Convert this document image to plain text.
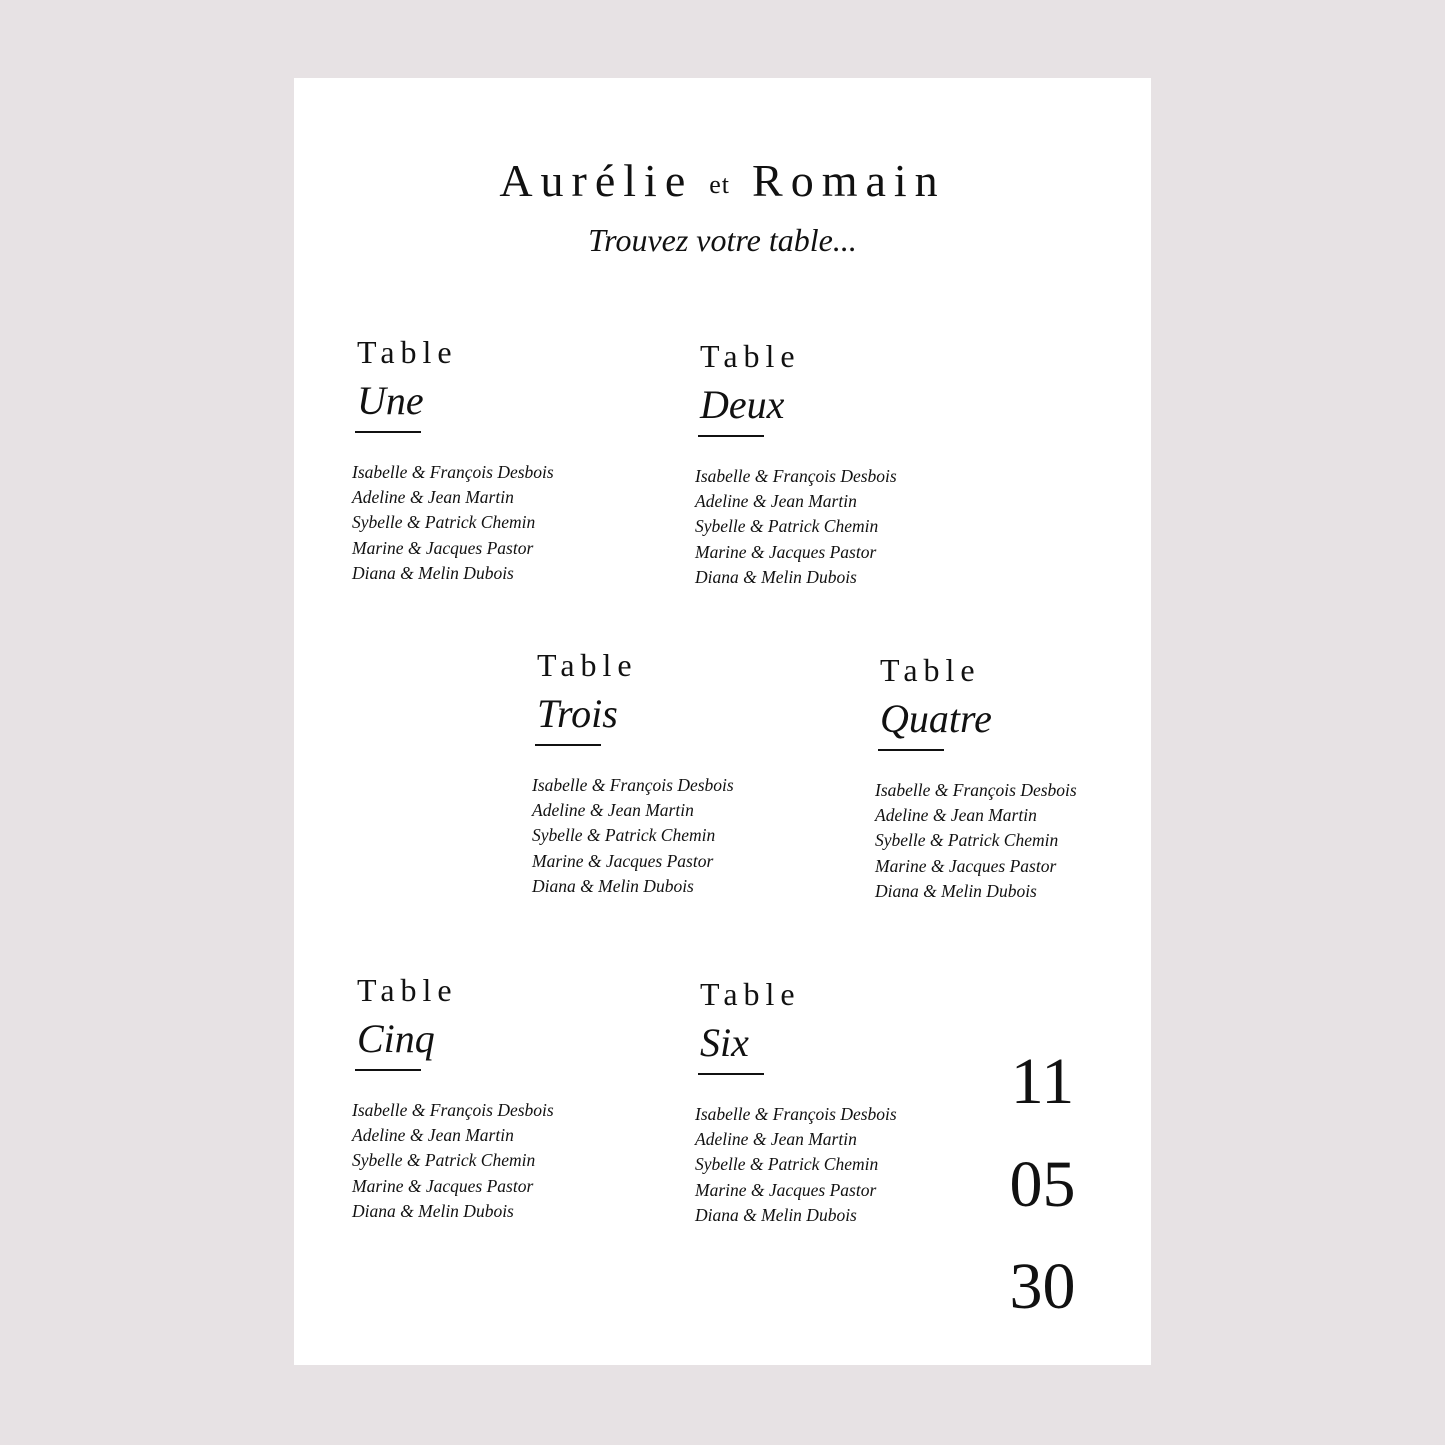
Aurélie et Romain
Trouvez votre table...
Table
Une
Isabelle & François Desbois
Adeline & Jean Martin
Sybelle & Patrick Chemin
Marine & Jacques Pastor
Diana & Melin Dubois
Table
Deux
Isabelle & François Desbois
Adeline & Jean Martin
Sybelle & Patrick Chemin
Marine & Jacques Pastor
Diana & Melin Dubois
Table
Trois
Isabelle & François Desbois
Adeline & Jean Martin
Sybelle & Patrick Chemin
Marine & Jacques Pastor
Diana & Melin Dubois
Table
Quatre
Isabelle & François Desbois
Adeline & Jean Martin
Sybelle & Patrick Chemin
Marine & Jacques Pastor
Diana & Melin Dubois
Table
Cinq
Isabelle & François Desbois
Adeline & Jean Martin
Sybelle & Patrick Chemin
Marine & Jacques Pastor
Diana & Melin Dubois
Table
Six
Isabelle & François Desbois
Adeline & Jean Martin
Sybelle & Patrick Chemin
Marine & Jacques Pastor
Diana & Melin Dubois
11
05
30
